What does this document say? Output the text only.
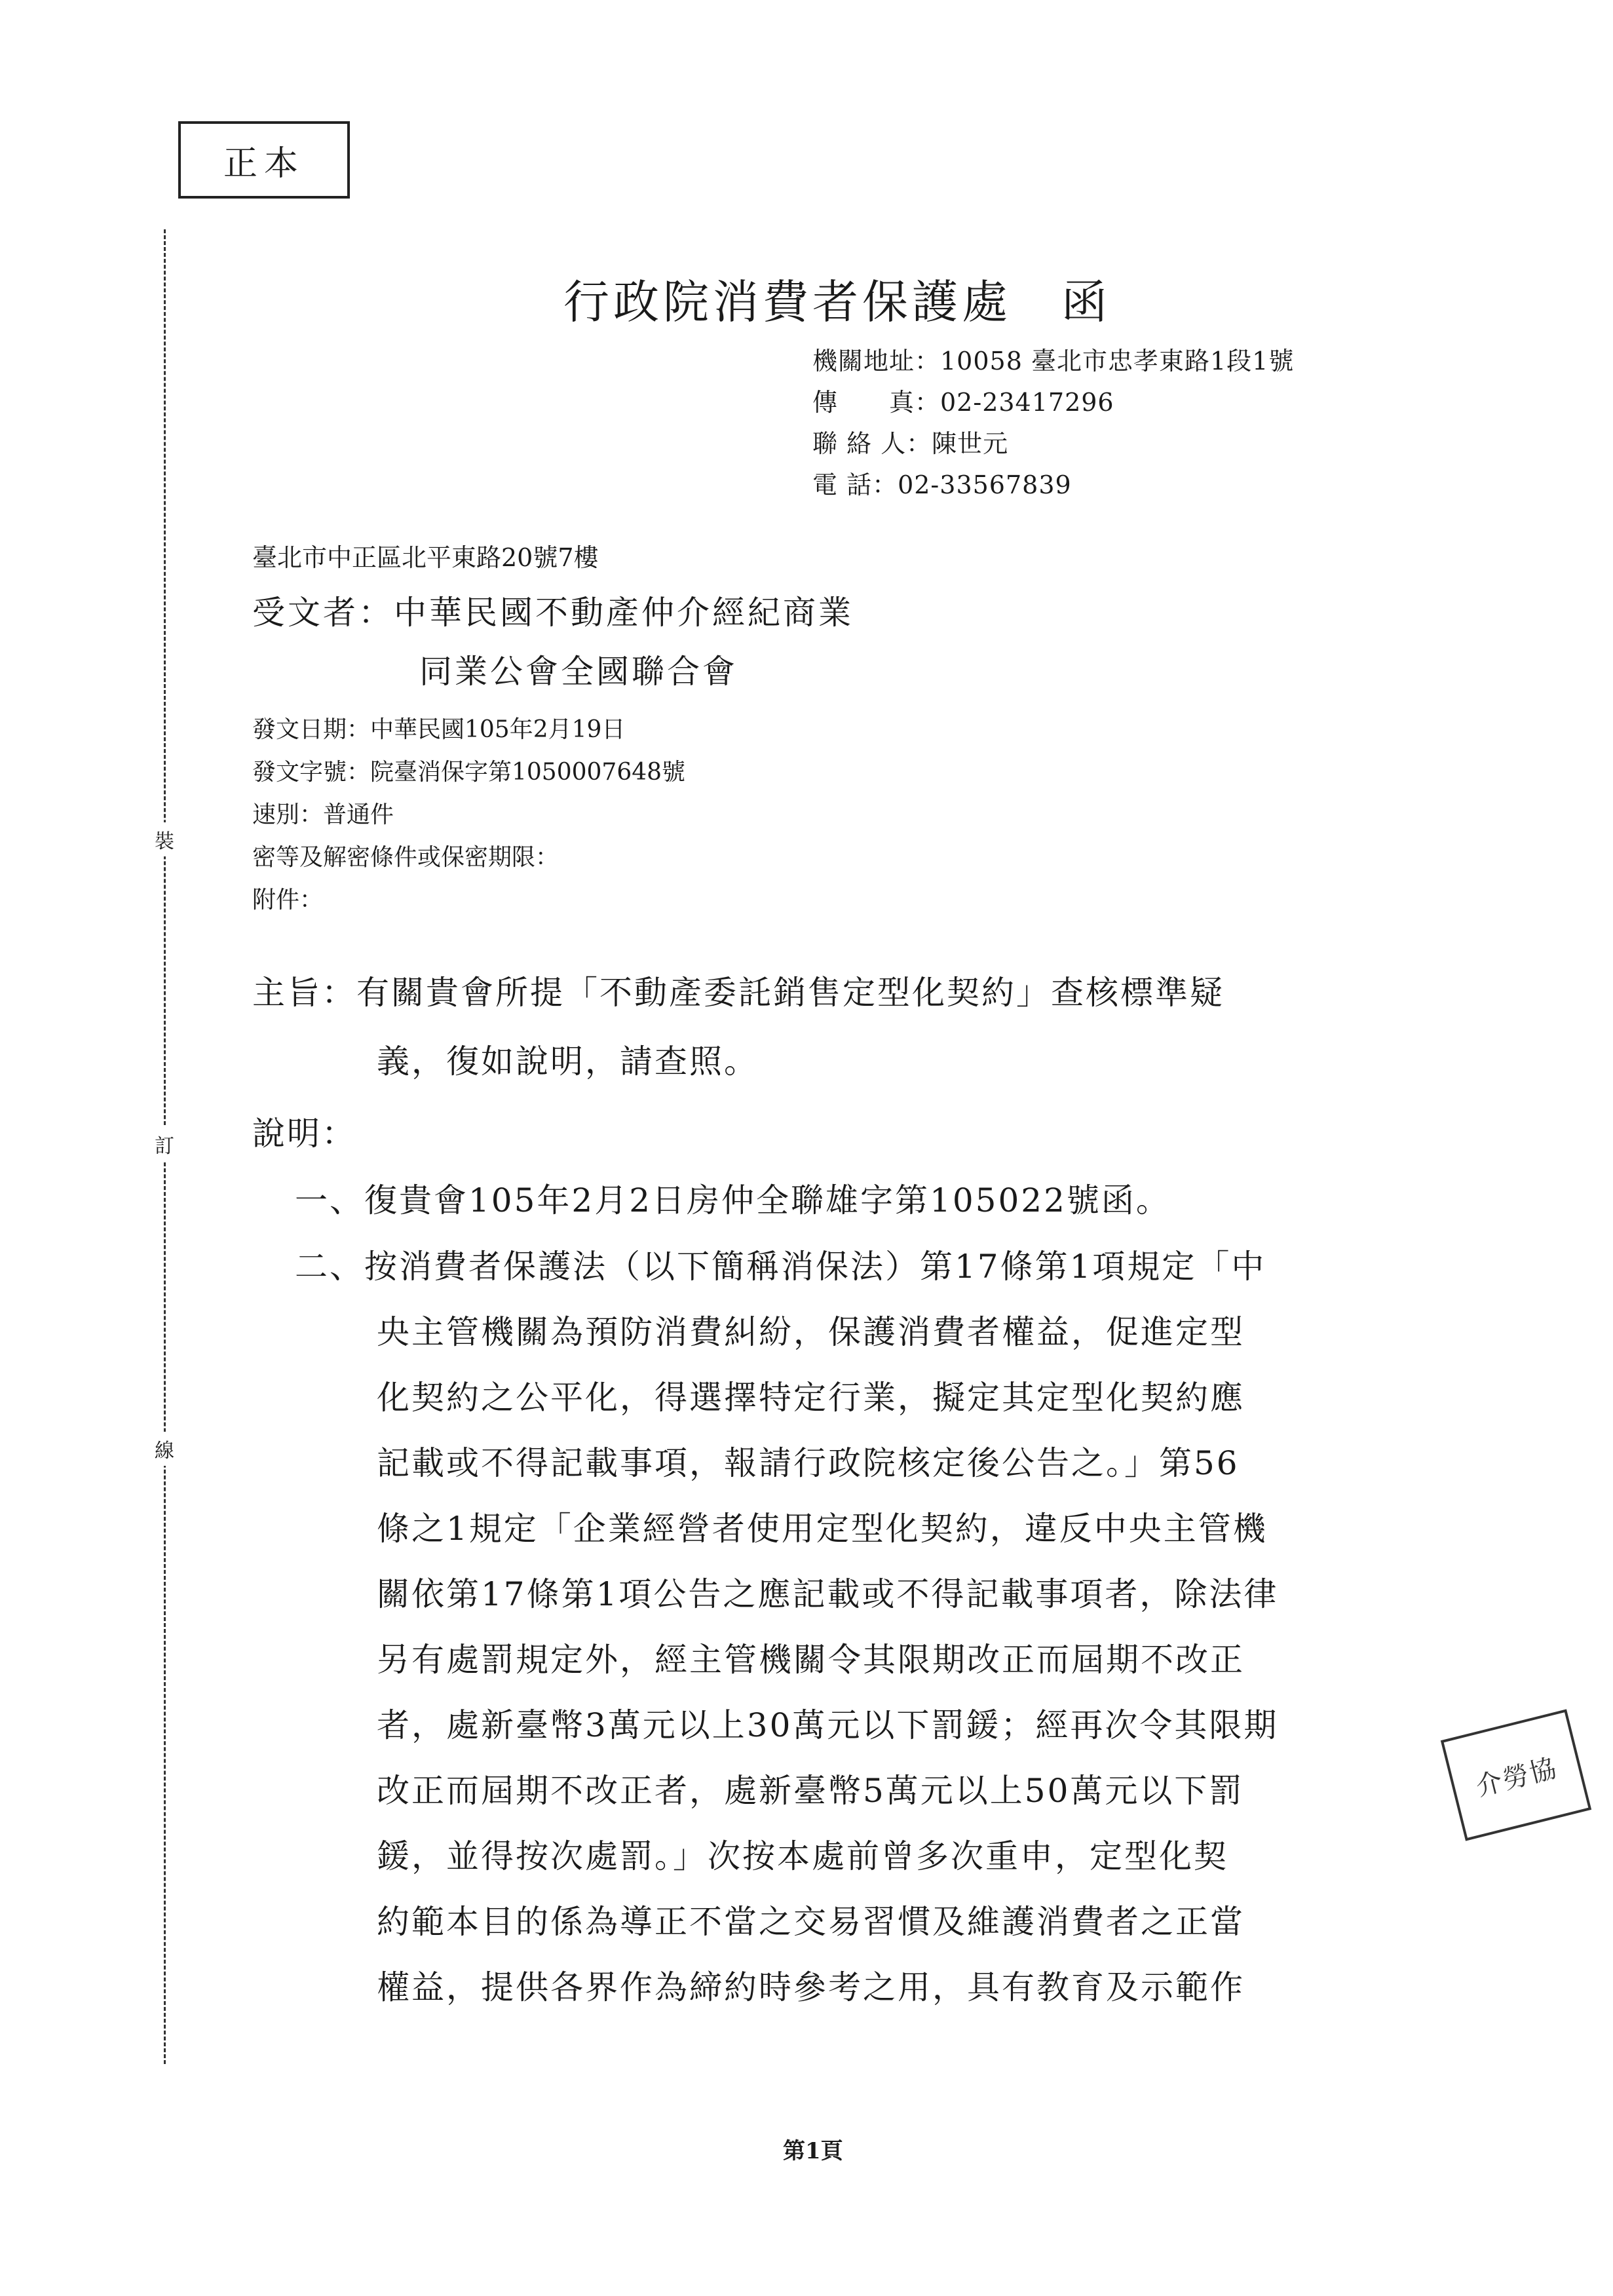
正本
裝
訂
線
行政院消費者保護處　函
機關地址：10058 臺北市忠孝東路1段1號
傳　　真：02-23417296
聯 絡 人：陳世元
電 話：02-33567839
臺北市中正區北平東路20號7樓
受文者：中華民國不動產仲介經紀商業
同業公會全國聯合會
發文日期：中華民國105年2月19日
發文字號：院臺消保字第1050007648號
速別：普通件
密等及解密條件或保密期限：
附件：
主旨：有關貴會所提「不動產委託銷售定型化契約」查核標準疑
義，復如說明，請查照。
說明：
一、復貴會105年2月2日房仲全聯雄字第105022號函。
二、按消費者保護法（以下簡稱消保法）第17條第1項規定「中
央主管機關為預防消費糾紛，保護消費者權益，促進定型
化契約之公平化，得選擇特定行業，擬定其定型化契約應
記載或不得記載事項，報請行政院核定後公告之。」第56
條之1規定「企業經營者使用定型化契約，違反中央主管機
關依第17條第1項公告之應記載或不得記載事項者，除法律
另有處罰規定外，經主管機關令其限期改正而屆期不改正
者，處新臺幣3萬元以上30萬元以下罰鍰；經再次令其限期
改正而屆期不改正者，處新臺幣5萬元以上50萬元以下罰
鍰，並得按次處罰。」次按本處前曾多次重申，定型化契
約範本目的係為導正不當之交易習慣及維護消費者之正當
權益，提供各界作為締約時參考之用，具有教育及示範作
介勞協
第1頁
